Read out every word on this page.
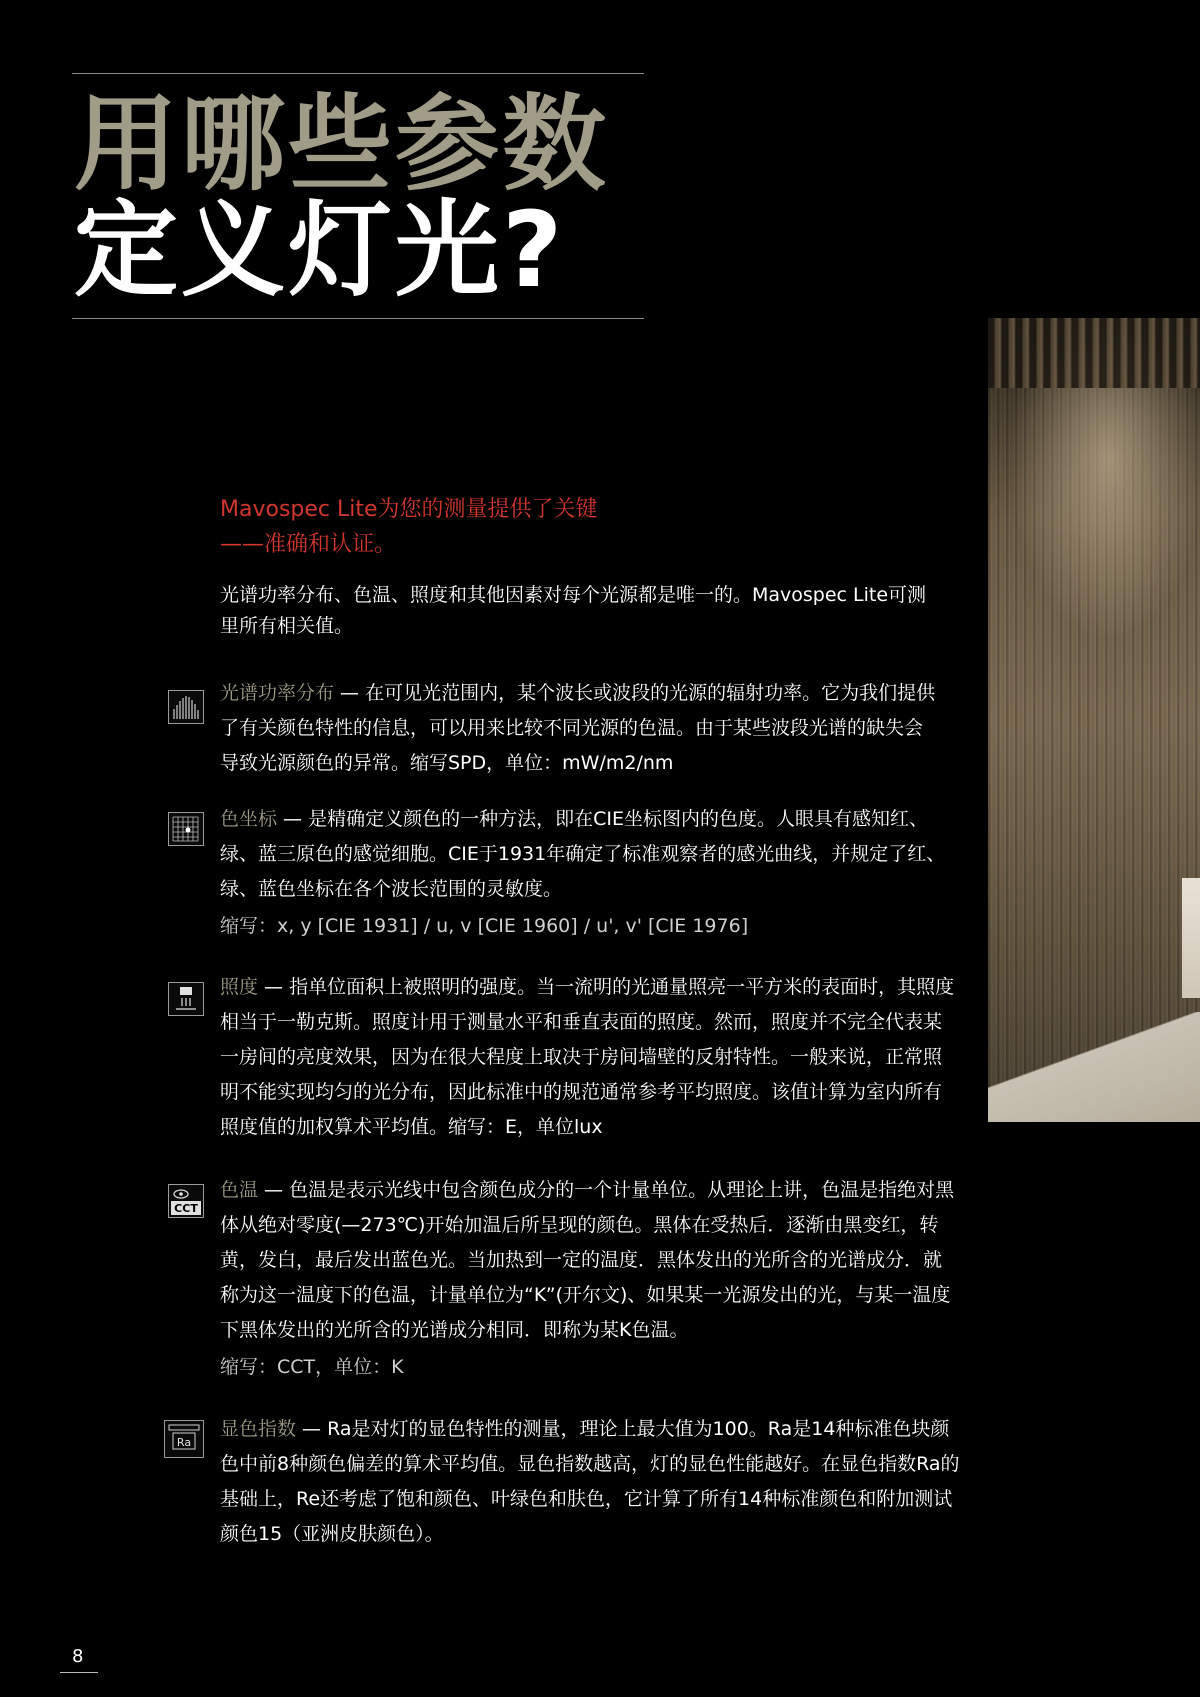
用哪些参数
定义灯光?
Mavospec Lite为您的测量提供了关键
——准确和认证。
光谱功率分布、色温、照度和其他因素对每个光源都是唯一的。Mavospec Lite可测里所有相关值。

光谱功率分布 — 在可见光范围内，某个波长或波段的光源的辐射功率。它为我们提供了有关颜色特性的信息，可以用来比较不同光源的色温。由于某些波段光谱的缺失会导致光源颜色的异常。缩写SPD，单位：mW/m2/nm

色坐标 — 是精确定义颜色的一种方法，即在CIE坐标图内的色度。人眼具有感知红、绿、蓝三原色的感觉细胞。CIE于1931年确定了标准观察者的感光曲线，并规定了红、绿、蓝色坐标在各个波长范围的灵敏度。

缩写：x, y [CIE 1931] / u, v [CIE 1960] / u', v' [CIE 1976]

照度 — 指单位面积上被照明的强度。当一流明的光通量照亮一平方米的表面时，其照度相当于一勒克斯。照度计用于测量水平和垂直表面的照度。然而，照度并不完全代表某一房间的亮度效果，因为在很大程度上取决于房间墙壁的反射特性。一般来说，正常照明不能实现均匀的光分布，因此标准中的规范通常参考平均照度。该值计算为室内所有照度值的加权算术平均值。缩写：E，单位lux

CCT

色温 — 色温是表示光线中包含颜色成分的一个计量单位。从理论上讲，色温是指绝对黑体从绝对零度(—273℃)开始加温后所呈现的颜色。黑体在受热后．逐渐由黑变红，转黄，发白，最后发出蓝色光。当加热到一定的温度．黑体发出的光所含的光谱成分．就称为这一温度下的色温，计量单位为“K”(开尔文)、如果某一光源发出的光，与某一温度下黑体发出的光所含的光谱成分相同．即称为某K色温。

缩写：CCT，单位：K

Ra

显色指数 — Ra是对灯的显色特性的测量，理论上最大值为100。Ra是14种标准色块颜色中前8种颜色偏差的算术平均值。显色指数越高，灯的显色性能越好。在显色指数Ra的基础上，Re还考虑了饱和颜色、叶绿色和肤色，它计算了所有14种标准颜色和附加测试颜色15（亚洲皮肤颜色）。

8
